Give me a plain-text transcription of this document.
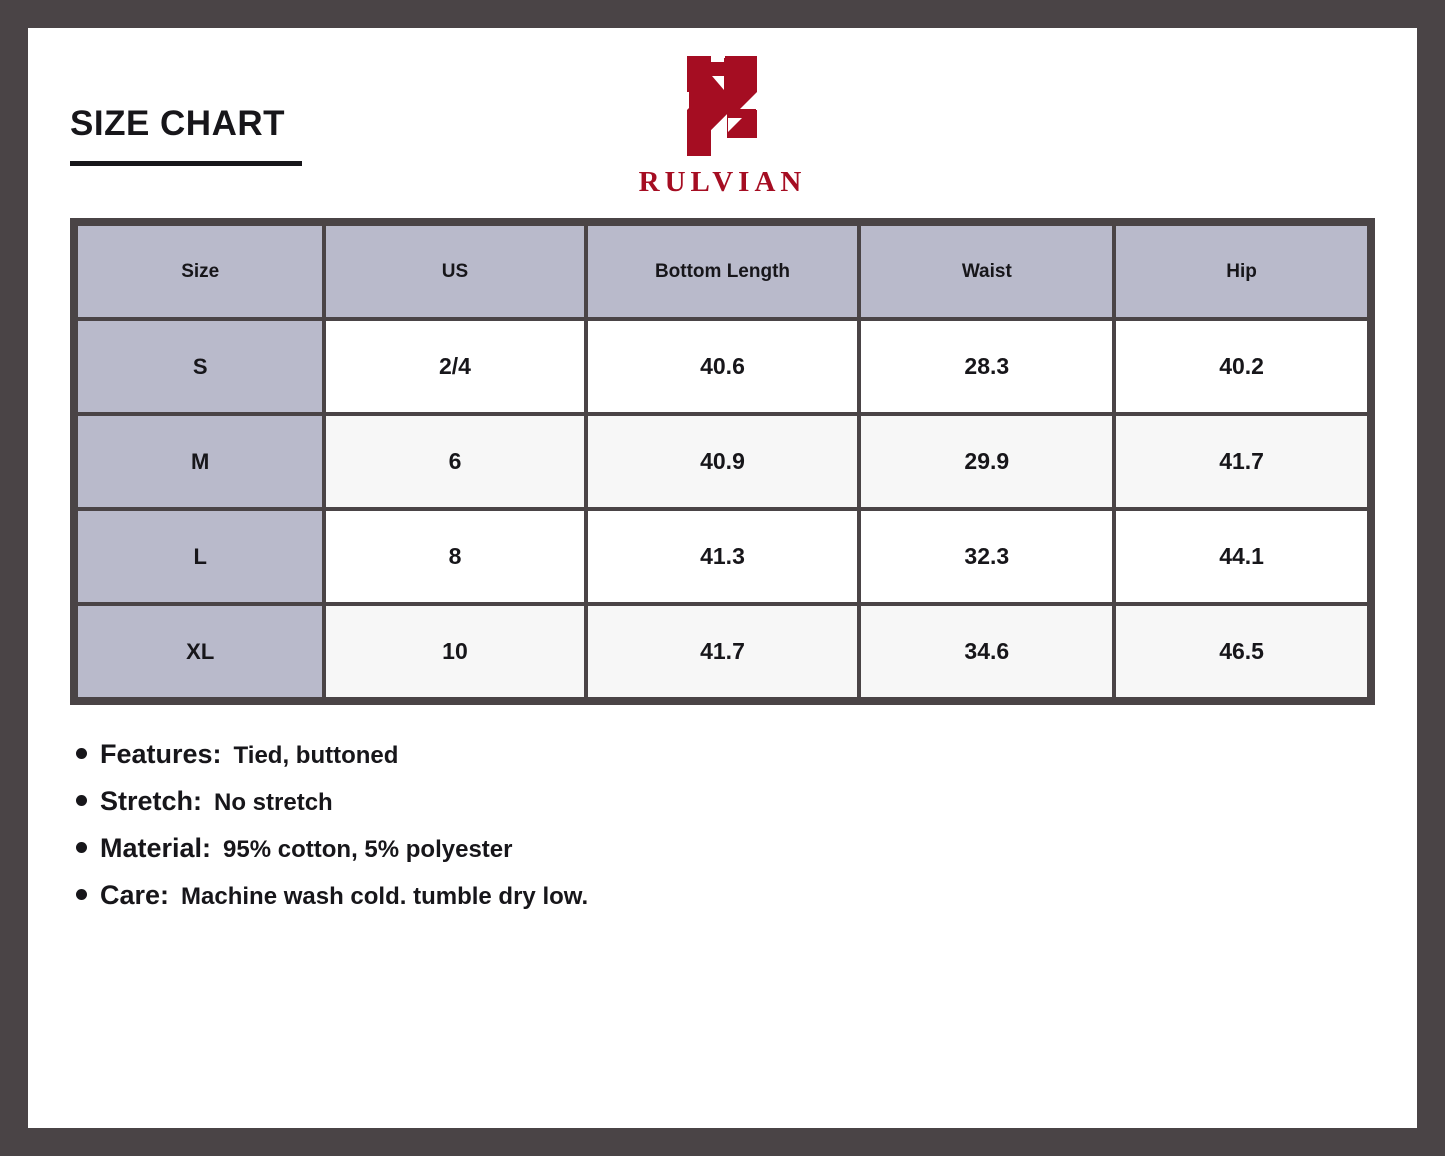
SIZE CHART
RULVIAN
Size	US	Bottom Length	Waist	Hip
S	2/4	40.6	28.3	40.2
M	6	40.9	29.9	41.7
L	8	41.3	32.3	44.1
XL	10	41.7	34.6	46.5
Features: Tied, buttoned
Stretch: No stretch
Material: 95% cotton, 5% polyester
Care: Machine wash cold. tumble dry low.
